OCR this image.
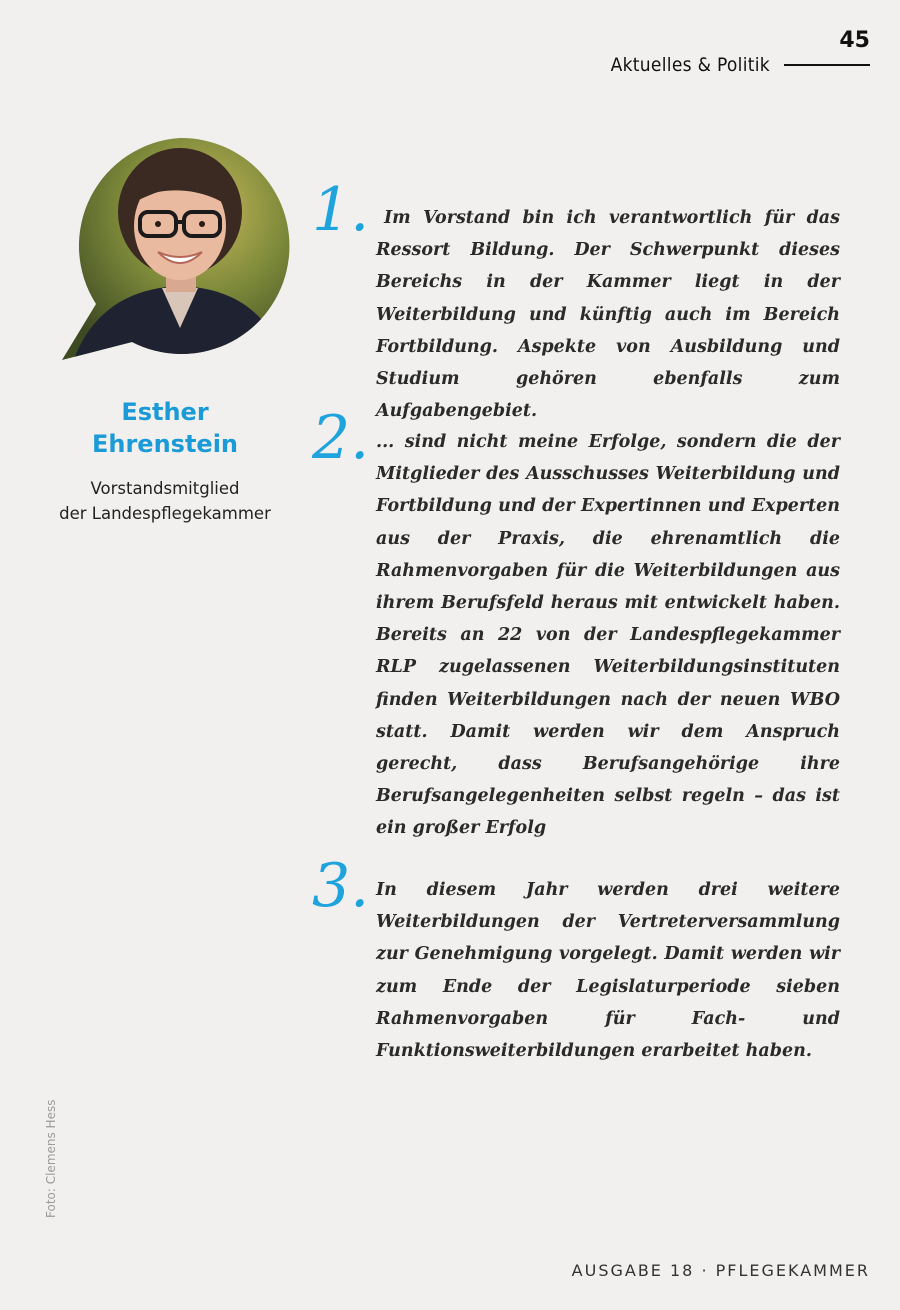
45
Aktuelles & Politik
Esther
Ehrenstein
Vorstandsmitglied
der Landespflegekammer
1. Im Vorstand bin ich verantwortlich für das Ressort Bildung. Der Schwerpunkt dieses Bereichs in der Kammer liegt in der Weiterbildung und künftig auch im Bereich Fortbildung. Aspekte von Ausbildung und Studium gehören ebenfalls zum Aufgabengebiet.

2. ... sind nicht meine Erfolge, sondern die der Mitglieder des Ausschusses Weiterbildung und Fortbildung und der Expertinnen und Experten aus der Praxis, die ehrenamtlich die Rahmenvorgaben für die Weiterbildungen aus ihrem Berufsfeld heraus mit entwickelt haben. Bereits an 22 von der Landespflegekammer RLP zugelassenen Weiterbildungsinstituten finden Weiterbildungen nach der neuen WBO statt. Damit werden wir dem Anspruch gerecht, dass Berufsangehörige ihre Berufsangelegenheiten selbst regeln – das ist ein großer Erfolg

3. In diesem Jahr werden drei weitere Weiterbildungen der Vertreterversammlung zur Genehmigung vorgelegt. Damit werden wir zum Ende der Legislaturperiode sieben Rahmenvorgaben für Fach- und Funktionsweiterbildungen erarbeitet haben.

Foto: Clemens Hess
AUSGABE 18 · PFLEGEKAMMER
